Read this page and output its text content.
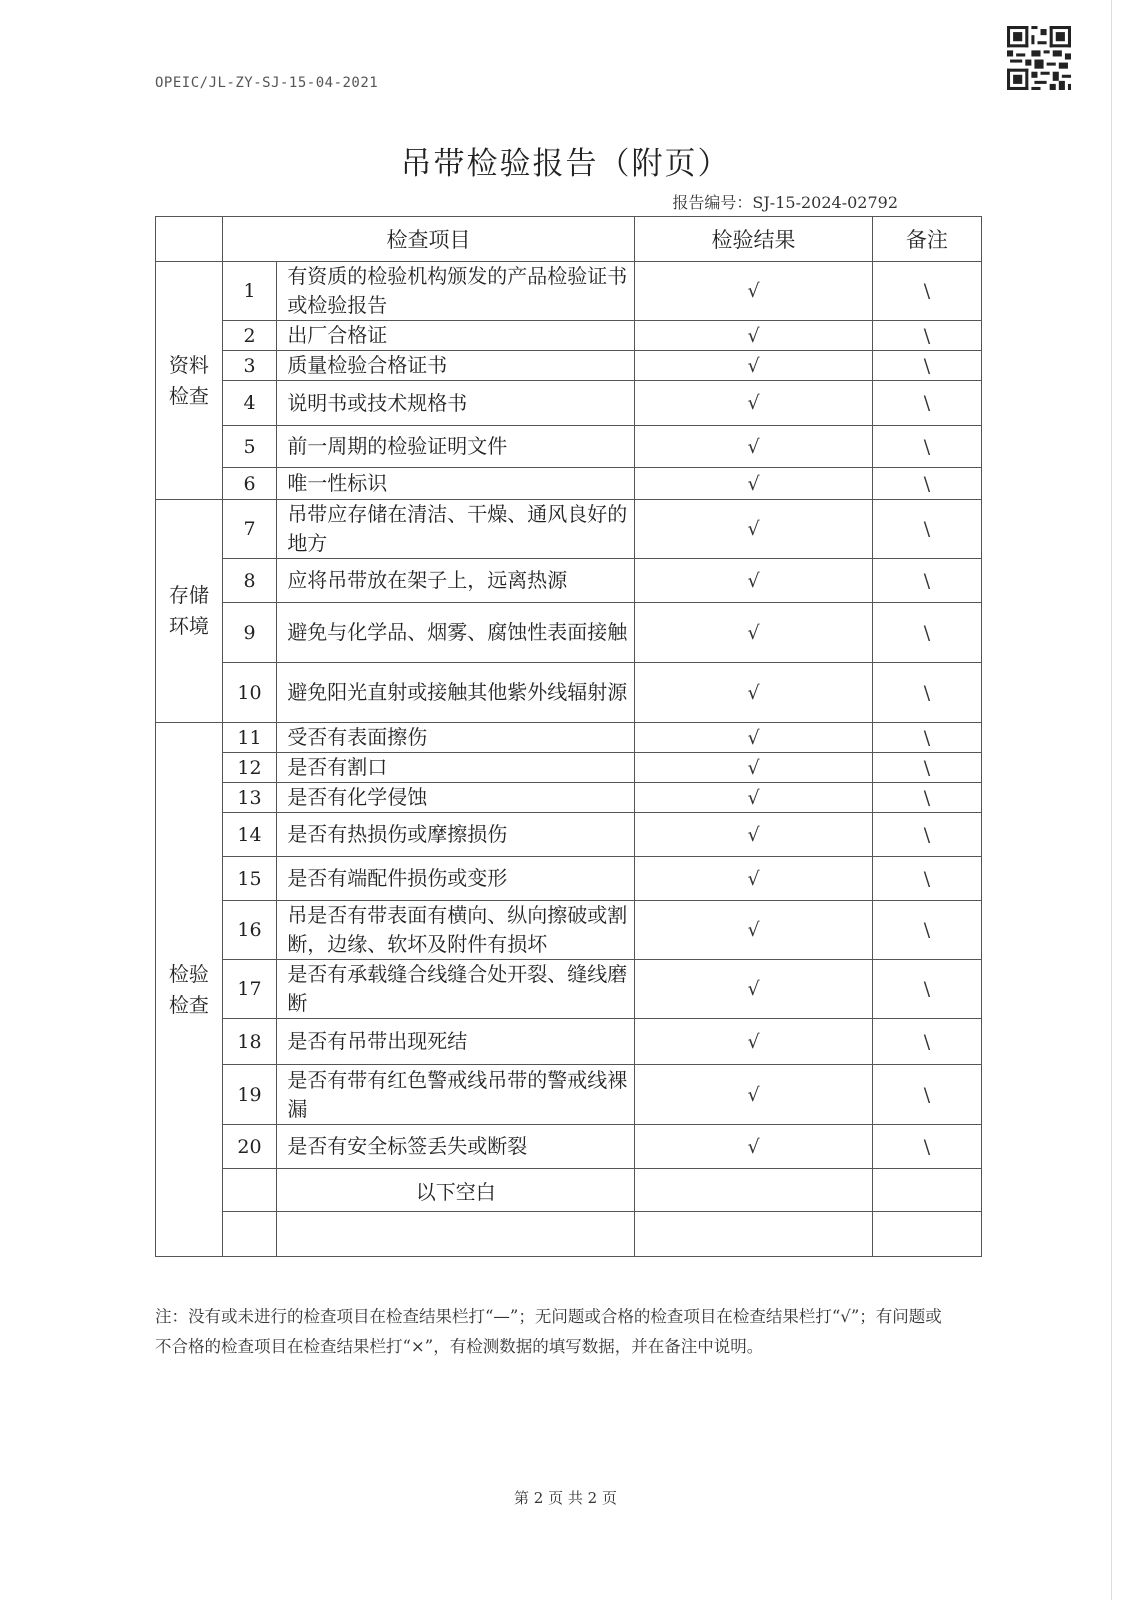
OPEIC/JL-ZY-SJ-15-04-2021
吊带检验报告（附页）
报告编号：SJ-15-2024-02792
	检查项目		检验结果	备注
资料
检查	1	有资质的检验机构颁发的产品检验证书或检验报告	√	\
	2	出厂合格证	√	\
	3	质量检验合格证书	√	\
	4	说明书或技术规格书	√	\
	5	前一周期的检验证明文件	√	\
	6	唯一性标识	√	\
存储
环境	7	吊带应存储在清洁、干燥、通风良好的地方	√	\
	8	应将吊带放在架子上，远离热源	√	\
	9	避免与化学品、烟雾、腐蚀性表面接触	√	\
	10	避免阳光直射或接触其他紫外线辐射源	√	\
检验
检查	11	受否有表面擦伤	√	\
	12	是否有割口	√	\
	13	是否有化学侵蚀	√	\
	14	是否有热损伤或摩擦损伤	√	\
	15	是否有端配件损伤或变形	√	\
	16	吊是否有带表面有横向、纵向擦破或割断，边缘、软坏及附件有损坏	√	\
	17	是否有承载缝合线缝合处开裂、缝线磨断	√	\
	18	是否有吊带出现死结	√	\
	19	是否有带有红色警戒线吊带的警戒线裸漏	√	\
	20	是否有安全标签丢失或断裂	√	\
		以下空白		

注：没有或未进行的检查项目在检查结果栏打“—”；无问题或合格的检查项目在检查结果栏打“√”；有问题或不合格的检查项目在检查结果栏打“×”，有检测数据的填写数据，并在备注中说明。
第 2 页 共 2 页
